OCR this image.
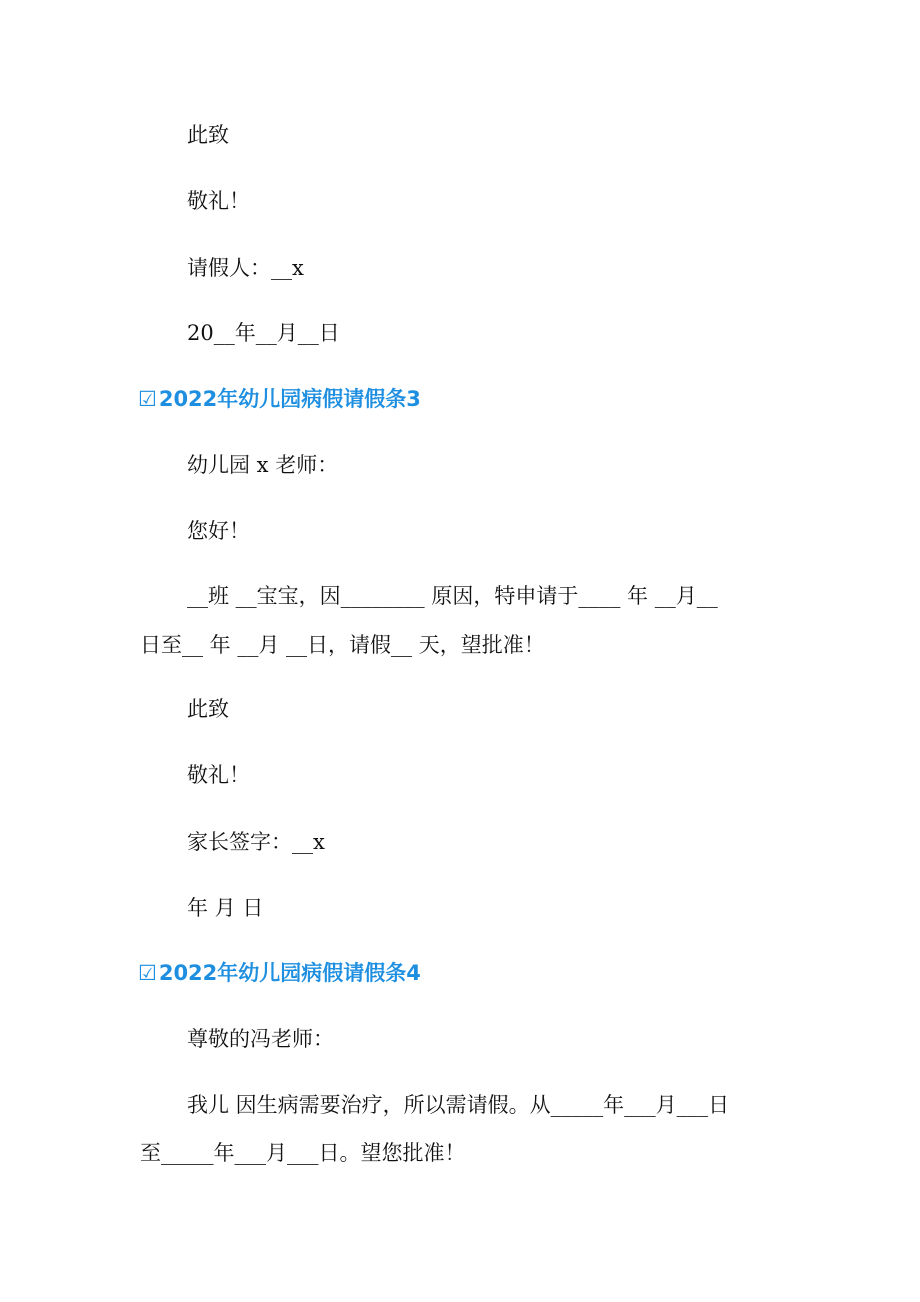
此致
敬礼！
请假人：__x
20__年__月__日
☑2022年幼儿园病假请假条3
幼儿园 x 老师：
您好！
__班 __宝宝，因________ 原因，特申请于____ 年 __月__
日至__ 年 __月 __日，请假__ 天，望批准！
此致
敬礼！
家长签字：__x
年 月 日
☑2022年幼儿园病假请假条4
尊敬的冯老师：
我儿 因生病需要治疗，所以需请假。从_____年___月___日
至_____年___月___日。望您批准！
